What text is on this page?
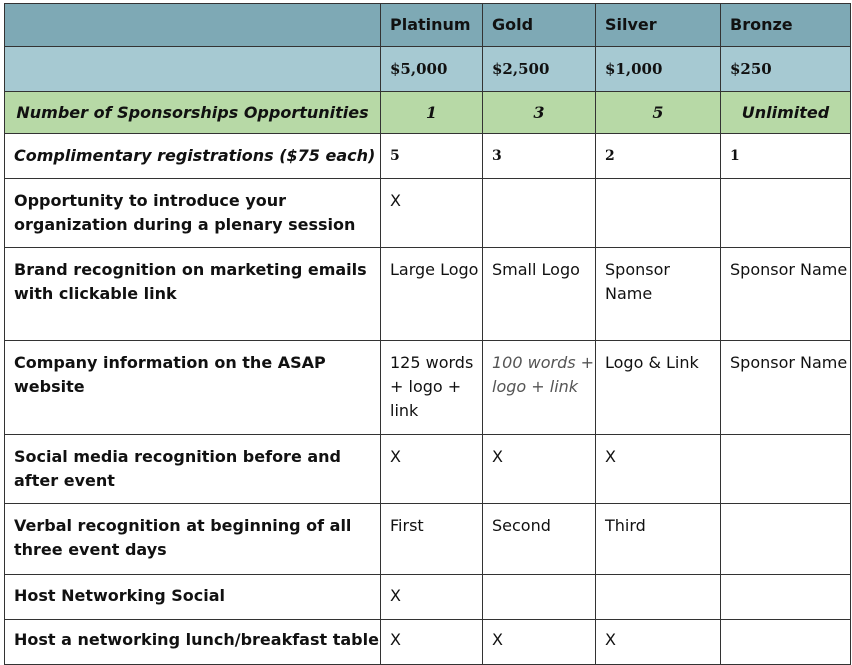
	Platinum	Gold	Silver	Bronze
	$5,000	$2,500	$1,000	$250
Number of Sponsorships Opportunities	1	3	5	Unlimited
Complimentary registrations ($75 each)	5	3	2	1
Opportunity to introduce your organization during a plenary session	X			
Brand recognition on marketing emails with clickable link	Large Logo	Small Logo	Sponsor Name	Sponsor Name
Company information on the ASAP website	125 words + logo + link	100 words + logo + link	Logo & Link	Sponsor Name
Social media recognition before and after event	X	X	X	
Verbal recognition at beginning of all three event days	First	Second	Third	
Host Networking Social	X			
Host a networking lunch/breakfast table	X	X	X	
